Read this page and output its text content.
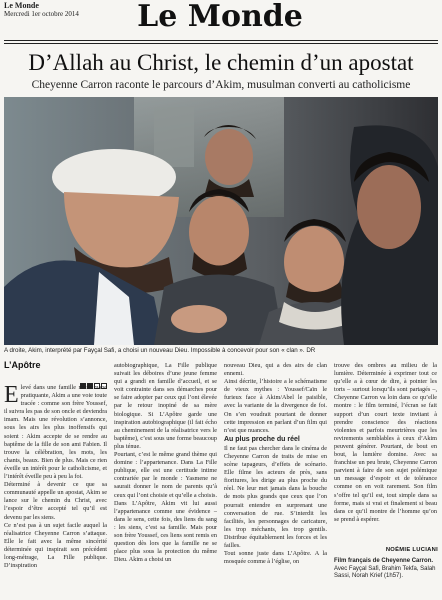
Le Monde
Mercredi 1er octobre 2014	Le Monde
D’Allah au Christ, le chemin d’un apostat
Cheyenne Carron raconte le parcours d’Akim, musulman converti au catholicisme
A droite, Akim, interprété par Fayçal Safi, a choisi un nouveau Dieu. Impossible à concevoir pour son « clan ». DR
L’Apôtre
Elevé dans une famille musulmane pratiquante, Akim a une voie toute tracée : comme son frère Youssef, il suivra les pas de son oncle et deviendra imam. Mais une révolution s’annonce, sous les airs les plus inoffensifs qui soient : Akim accepte de se rendre au baptême de la fille de son ami Fabien. Il trouve la célébration, les mots, les chants, beaux. Bien de plus. Mais ce rien éveille un intérêt pour le catholicisme, et l’intérêt éveille peu à peu la foi.
Déterminé à devenir ce que sa communauté appelle un apostat, Akim se lance sur le chemin du Christ, avec l’espoir d’être accepté tel qu’il est devenu par les siens.
Ce n’est pas à un sujet facile auquel la réalisatrice Cheyenne Carron s’attaque. Elle le fait avec la même sincérité déterminée qui inspirait son précédent long-métrage, La Fille publique. D’inspiration
autobiographique, La Fille publique suivait les déboires d’une jeune femme qui a grandi en famille d’accueil, et se voit contrainte dans ses démarches pour se faire adopter par ceux qui l’ont élevée par le retour inopiné de sa mère biologique. Si L’Apôtre garde une inspiration autobiographique (il fait écho au cheminement de la réalisatrice vers le baptême), c’est sous une forme beaucoup plus ténue.
Pourtant, c’est le même grand thème qui domine : l’appartenance. Dans La Fille publique, elle est une certitude intime contrariée par le monde : Yasmene ne saurait donner le nom de parents qu’à ceux qui l’ont choisie et qu’elle a choisis. Dans L’Apôtre, Akim vit lui aussi l’appartenance comme une évidence – dans le sens, cette fois, des liens du sang : les siens, c’est sa famille. Mais pour son frère Youssef, ces liens sont remis en question dès lors que la famille ne se place plus sous la protection du même Dieu. Akim a choisi un
nouveau Dieu, qui a des airs de clan ennemi.
Ainsi décrite, l’histoire a le schématisme de vieux mythes : Youssef/Caïn le furieux face à Akim/Abel le paisible, avec la variante de la divergence de foi. On s’en voudrait pourtant de donner cette impression en parlant d’un film qui n’est que nuances.
Au plus proche du réel
Il ne faut pas chercher dans le cinéma de Cheyenne Carron de traits de mise en scène tapageurs, d’effets de scénario. Elle filme les acteurs de près, sans fioritures, les dirige au plus proche du réel. Ne leur met jamais dans la bouche de mots plus grands que ceux que l’on pourrait entendre en surprenant une conversation de rue. S’interdit les facilités, les personnages de caricature, les trop méchants, les trop gentils. Distribue équitablement les forces et les failles.
Tout sonne juste dans L’Apôtre. A la mosquée comme à l’église, on
trouve des ombres au milieu de la lumière. Déterminée à exprimer tout ce qu’elle a à cœur de dire, à pointer les torts – surtout lorsqu’ils sont partagés –, Cheyenne Carron va loin dans ce qu’elle montre : le film terminé, l’écran se fait support d’un court texte invitant à prendre conscience des réactions violentes et parfois meurtrières que les revirements semblables à ceux d’Akim peuvent générer. Pourtant, de bout en bout, la lumière domine. Avec sa franchise un peu brute, Cheyenne Carron parvient à faire de son sujet polémique un message d’espoir et de tolérance comme on en voit rarement. Son film s’offre tel qu’il est, tout simple dans sa forme, mais si vrai et finalement si beau dans ce qu’il montre de l’homme qu’on se prend à espérer.
NOÉMIE LUCIANI
Film français de Cheyenne Carron.
Avec Fayçal Safi, Brahim Tekfa, Salah Sassi, Norah Krief (1h57).
